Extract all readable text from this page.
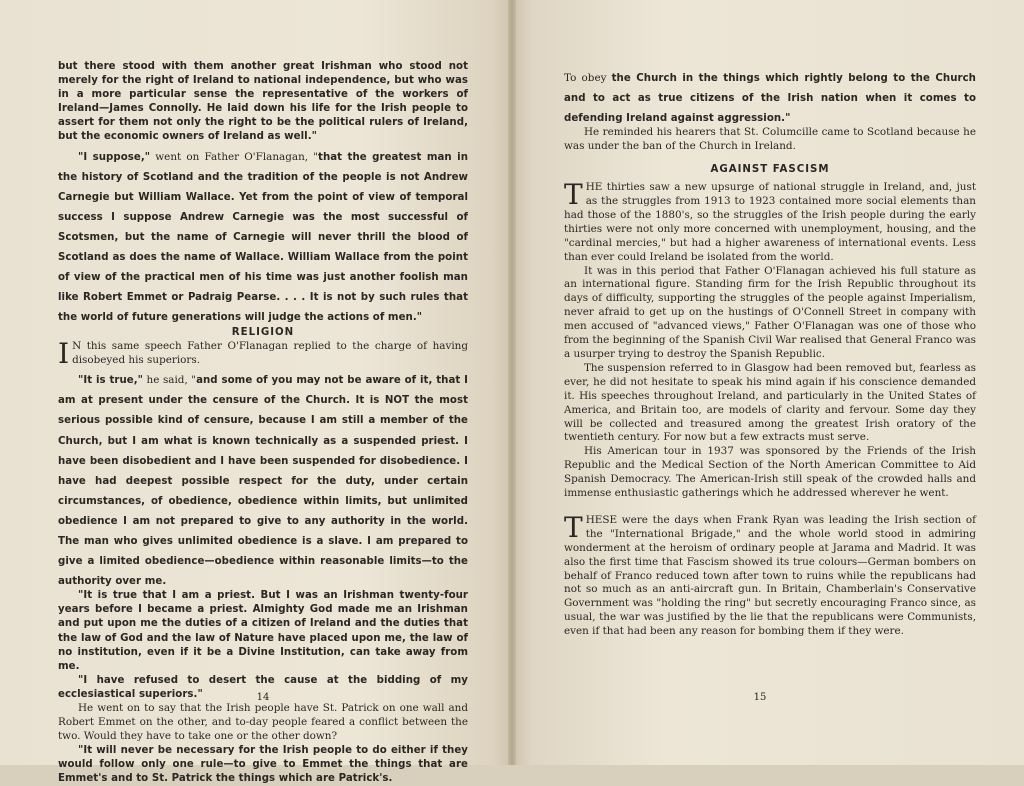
but there stood with them another great Irishman who stood not merely for the right of Ireland to national independence, but who was in a more particular sense the representative of the workers of Ireland—James Connolly. He laid down his life for the Irish people to assert for them not only the right to be the political rulers of Ireland, but the economic owners of Ireland as well."

"I suppose," went on Father O'Flanagan, "that the greatest man in the history of Scotland and the tradition of the people is not Andrew Carnegie but William Wallace. Yet from the point of view of temporal success I suppose Andrew Carnegie was the most successful of Scotsmen, but the name of Carnegie will never thrill the blood of Scotland as does the name of Wallace. William Wallace from the point of view of the practical men of his time was just another foolish man like Robert Emmet or Padraig Pearse. . . . It is not by such rules that the world of future generations will judge the actions of men."

RELIGION

I N this same speech Father O'Flanagan replied to the charge of having disobeyed his superiors.

"It is true," he said, "and some of you may not be aware of it, that I am at present under the censure of the Church. It is NOT the most serious possible kind of censure, because I am still a member of the Church, but I am what is known technically as a suspended priest. I have been disobedient and I have been suspended for disobedience. I have had deepest possible respect for the duty, under certain circumstances, of obedience, obedience within limits, but unlimited obedience I am not prepared to give to any authority in the world. The man who gives unlimited obedience is a slave. I am prepared to give a limited obedience—obedience within reasonable limits—to the authority over me.

"It is true that I am a priest. But I was an Irishman twenty-four years before I became a priest. Almighty God made me an Irishman and put upon me the duties of a citizen of Ireland and the duties that the law of God and the law of Nature have placed upon me, the law of no institution, even if it be a Divine Institution, can take away from me.

"I have refused to desert the cause at the bidding of my ecclesiastical superiors."

He went on to say that the Irish people have St. Patrick on one wall and Robert Emmet on the other, and to-day people feared a conflict between the two. Would they have to take one or the other down?

"It will never be necessary for the Irish people to do either if they would follow only one rule—to give to Emmet the things that are Emmet's and to St. Patrick the things which are Patrick's.

14

To obey the Church in the things which rightly belong to the Church and to act as true citizens of the Irish nation when it comes to defending Ireland against aggression."

He reminded his hearers that St. Columcille came to Scotland because he was under the ban of the Church in Ireland.

AGAINST FASCISM

THE thirties saw a new upsurge of national struggle in Ireland, and, just as the struggles from 1913 to 1923 contained more social elements than had those of the 1880's, so the struggles of the Irish people during the early thirties were not only more concerned with unemployment, housing, and the "cardinal mercies," but had a higher awareness of international events. Less than ever could Ireland be isolated from the world.

It was in this period that Father O'Flanagan achieved his full stature as an international figure. Standing firm for the Irish Republic throughout its days of difficulty, supporting the struggles of the people against Imperialism, never afraid to get up on the hustings of O'Connell Street in company with men accused of "advanced views," Father O'Flanagan was one of those who from the beginning of the Spanish Civil War realised that General Franco was a usurper trying to destroy the Spanish Republic.

The suspension referred to in Glasgow had been removed but, fearless as ever, he did not hesitate to speak his mind again if his conscience demanded it. His speeches throughout Ireland, and particularly in the United States of America, and Britain too, are models of clarity and fervour. Some day they will be collected and treasured among the greatest Irish oratory of the twentieth century. For now but a few extracts must serve.

His American tour in 1937 was sponsored by the Friends of the Irish Republic and the Medical Section of the North American Committee to Aid Spanish Democracy. The American-Irish still speak of the crowded halls and immense enthusiastic gatherings which he addressed wherever he went.

THESE were the days when Frank Ryan was leading the Irish section of the "International Brigade," and the whole world stood in admiring wonderment at the heroism of ordinary people at Jarama and Madrid. It was also the first time that Fascism showed its true colours—German bombers on behalf of Franco reduced town after town to ruins while the republicans had not so much as an anti-aircraft gun. In Britain, Chamberlain's Conservative Government was "holding the ring" but secretly encouraging Franco since, as usual, the war was justified by the lie that the republicans were Communists, even if that had been any reason for bombing them if they were.

15
